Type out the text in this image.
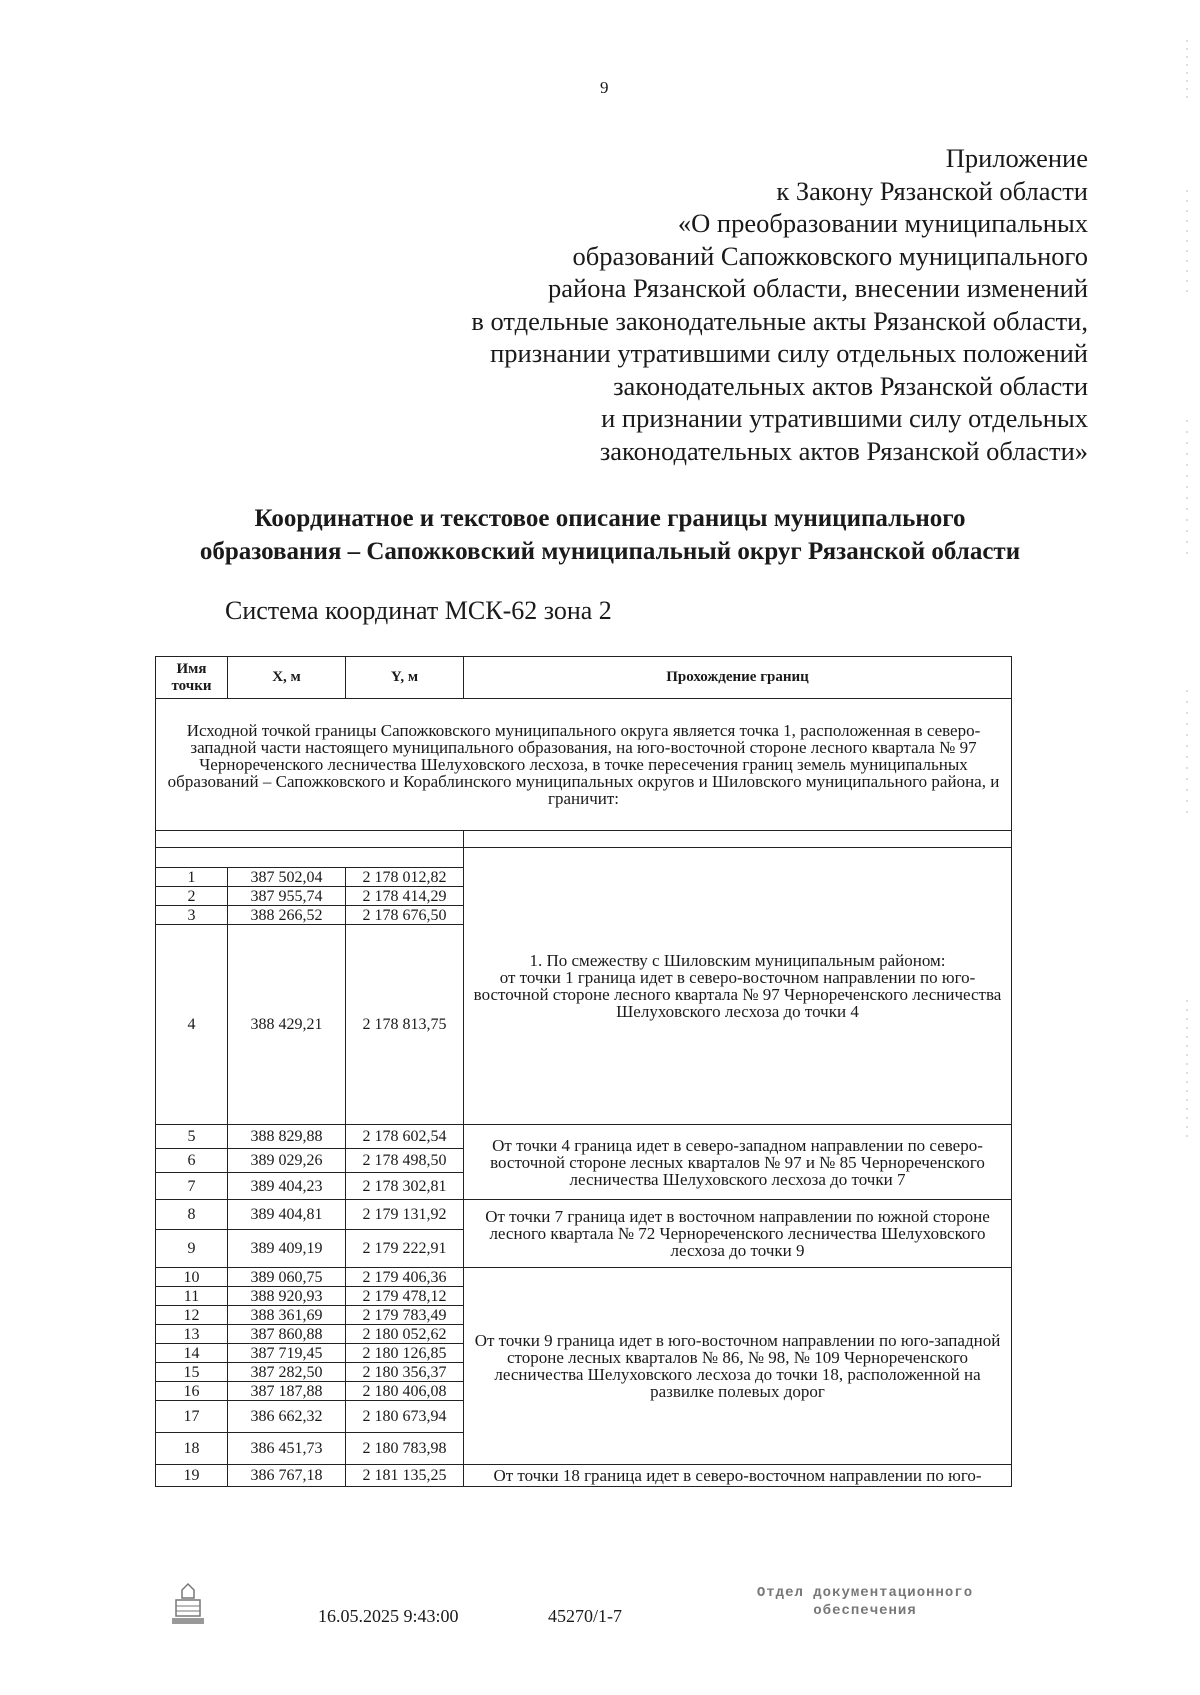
9
Приложение
к Закону Рязанской области
«О преобразовании муниципальных
образований Сапожковского муниципального
района Рязанской области, внесении изменений
в отдельные законодательные акты Рязанской области,
признании утратившими силу отдельных положений
законодательных актов Рязанской области
и признании утратившими силу отдельных
законодательных актов Рязанской области»
Координатное и текстовое описание границы муниципального
образования – Сапожковский муниципальный округ Рязанской области
Система координат МСК-62 зона 2
Имя точки	X, м	Y, м	Прохождение границ
Исходной точкой границы Сапожковского муниципального округа является точка 1, расположенная в северо-западной части настоящего муниципального образования, на юго-восточной стороне лесного квартала № 97 Чернореченского лесничества Шелуховского лесхоза, в точке пересечения границ земель муниципальных образований – Сапожковского и Кораблинского муниципальных округов и Шиловского муниципального района, и граничит:			

			1. По смежеству с Шиловским муниципальным районом:
от точки 1 граница идет в северо-восточном направлении по юго-восточной стороне лесного квартала № 97 Чернореченского лесничества Шелуховского лесхоза до точки 4

1	387 502,04	2 178 012,82	
2	387 955,74	2 178 414,29	
3	388 266,52	2 178 676,50	
4	388 429,21	2 178 813,75	
5	388 829,88	2 178 602,54	От точки 4 граница идет в северо-западном направлении по северо-восточной стороне лесных кварталов № 97 и № 85 Чернореченского лесничества Шелуховского лесхоза до точки 7
6	389 029,26	2 178 498,50	
7	389 404,23	2 178 302,81	
8	389 404,81	2 179 131,92	От точки 7 граница идет в восточном направлении по южной стороне лесного квартала № 72 Чернореченского лесничества Шелуховского лесхоза до точки 9
9	389 409,19	2 179 222,91	
10	389 060,75	2 179 406,36	От точки 9 граница идет в юго-восточном направлении по юго-западной стороне лесных кварталов № 86, № 98, № 109 Чернореченского лесничества Шелуховского лесхоза до точки 18, расположенной на развилке полевых дорог
11	388 920,93	2 179 478,12	
12	388 361,69	2 179 783,49	
13	387 860,88	2 180 052,62	
14	387 719,45	2 180 126,85	
15	387 282,50	2 180 356,37	
16	387 187,88	2 180 406,08	
17	386 662,32	2 180 673,94	
18	386 451,73	2 180 783,98	
19	386 767,18	2 181 135,25	От точки 18 граница идет в северо-восточном направлении по юго-
16.05.2025 9:43:00	45270/1-7
Отдел документационного
обеспечения
